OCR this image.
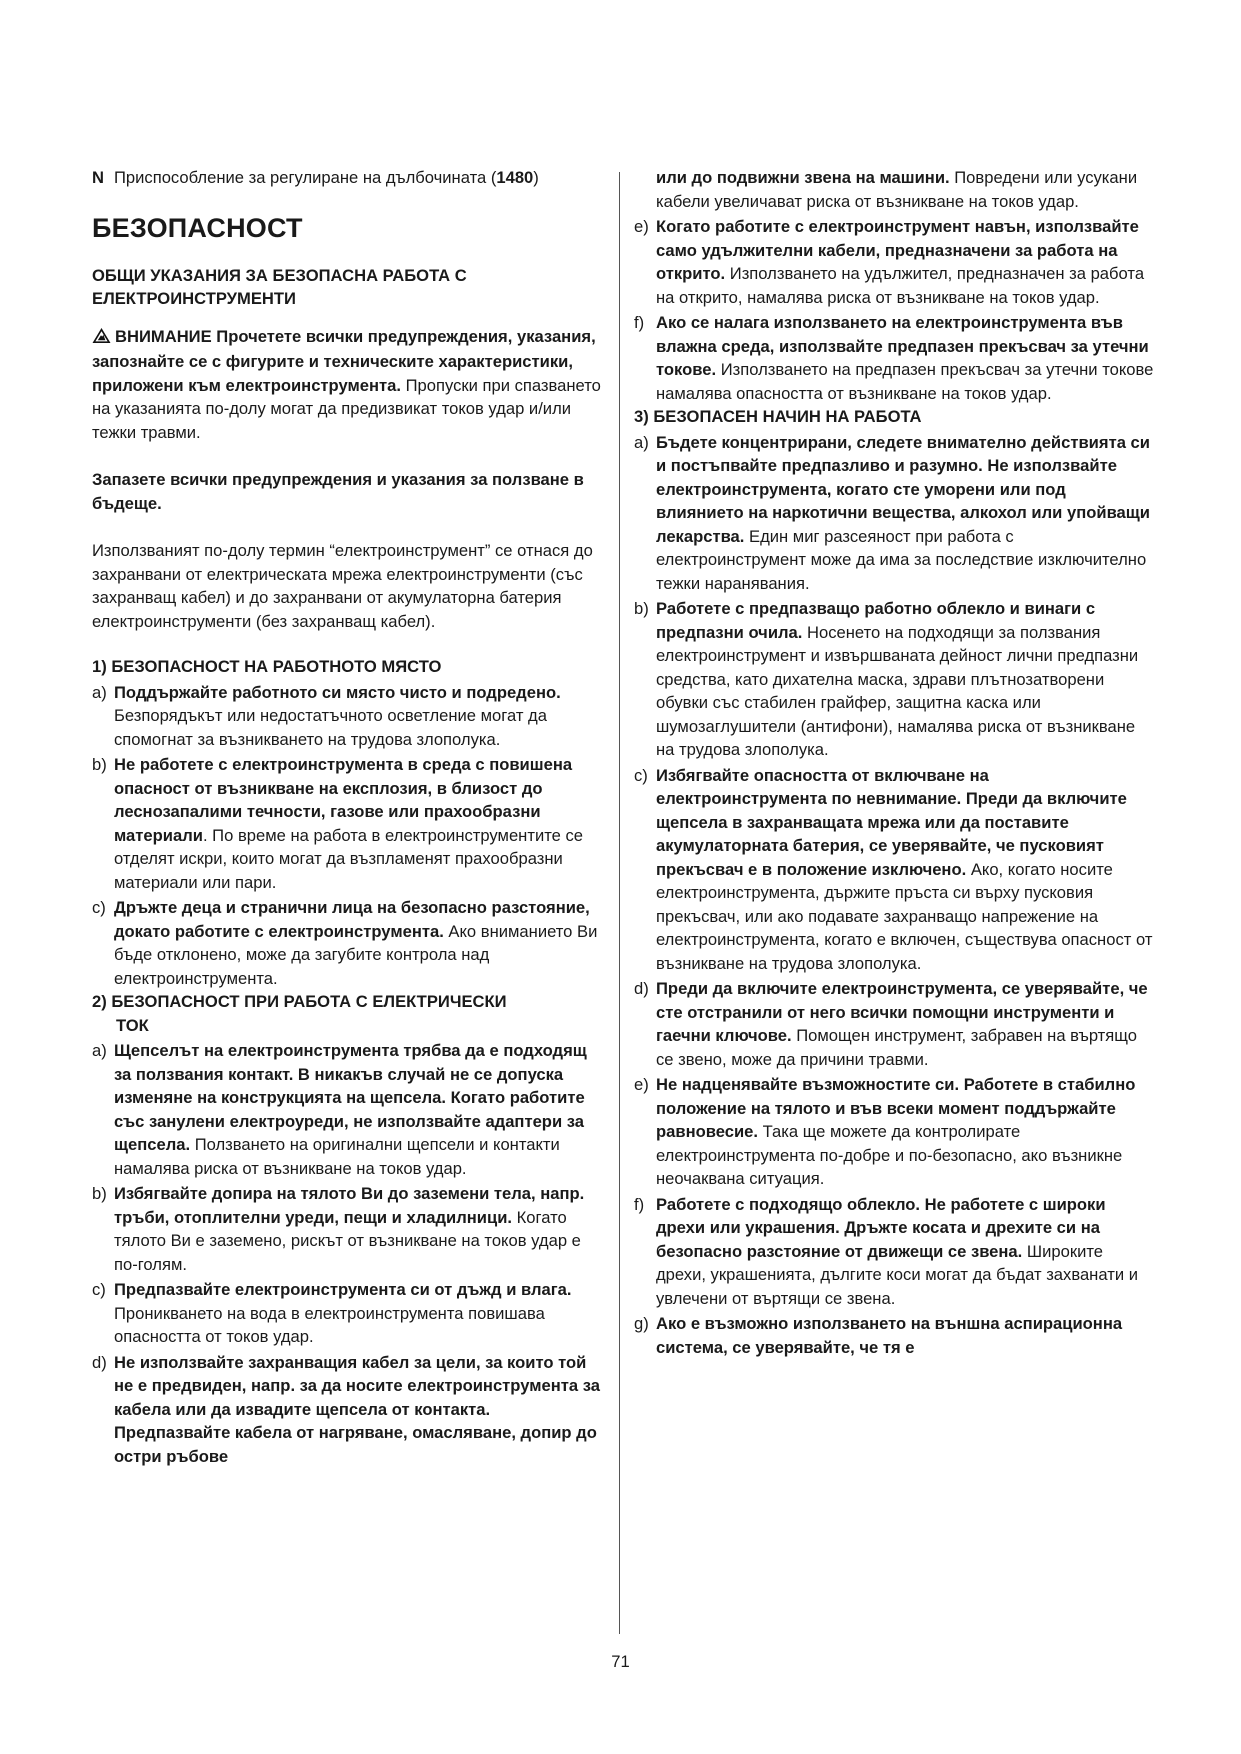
N Приспособление за регулиране на дълбочината (1480)
БЕЗОПАСНОСТ
ОБЩИ УКАЗАНИЯ ЗА БЕЗОПАСНА РАБОТА С ЕЛЕКТРОИНСТРУМЕНТИ

ВНИМАНИЕ Прочетете всички предупреждения, указания, запознайте се с фигурите и техническите характеристики, приложени към електроинструмента. Пропуски при спазването на указанията по-долу могат да предизвикат токов удар и/или тежки травми.

Запазете всички предупреждения и указания за ползване в бъдеще.

Използваният по-долу термин “електроинструмент” се отнася до захранвани от електрическата мрежа електроинструменти (със захранващ кабел) и до захранвани от акумулаторна батерия електроинструменти (без захранващ кабел).

1) БЕЗОПАСНОСТ НА РАБОТНОТО МЯСТО
a) Поддържайте работното си място чисто и подредено. Безпорядъкът или недостатъчното осветление могат да спомогнат за възникването на трудова злополука.
b) Не работете с електроинструмента в среда с повишена опасност от възникване на експлозия, в близост до леснозапалими течности, газове или прахообразни материали. По време на работа в електроинструментите се отделят искри, които могат да възпламенят прахообразни материали или пари.
c) Дръжте деца и странични лица на безопасно разстояние, докато работите с електроинструмента. Ако вниманието Ви бъде отклонено, може да загубите контрола над електроинструмента.
2) БЕЗОПАСНОСТ ПРИ РАБОТА С ЕЛЕКТРИЧЕСКИ
ТОК
a) Щепселът на електроинструмента трябва да е подходящ за ползвания контакт. В никакъв случай не се допуска изменяне на конструкцията на щепсела. Когато работите със занулени електроуреди, не използвайте адаптери за щепсела. Ползването на оригинални щепсели и контакти намалява риска от възникване на токов удар.
b) Избягвайте допира на тялото Ви до заземени тела, напр. тръби, отоплителни уреди, пещи и хладилници. Когато тялото Ви е заземено, рискът от възникване на токов удар е по-голям.
c) Предпазвайте електроинструмента си от дъжд и влага. Проникването на вода в електроинструмента повишава опасността от токов удар.
d) Не използвайте захранващия кабел за цели, за които той не е предвиден, напр. за да носите електроинструмента за кабела или да извадите щепсела от контакта. Предпазвайте кабела от нагряване, омасляване, допир до остри ръбове
или до подвижни звена на машини. Повредени или усукани кабели увеличават риска от възникване на токов удар.
e) Когато работите с електроинструмент навън, използвайте само удължителни кабели, предназначени за работа на открито. Използването на удължител, предназначен за работа на открито, намалява риска от възникване на токов удар.
f) Ако се налага използването на електроинструмента във влажна среда, използвайте предпазен прекъсвач за утечни токове. Използването на предпазен прекъсвач за утечни токове намалява опасността от възникване на токов удар.
3) БЕЗОПАСЕН НАЧИН НА РАБОТА
a) Бъдете концентрирани, следете внимателно действията си и постъпвайте предпазливо и разумно. Не използвайте електроинструмента, когато сте уморени или под влиянието на наркотични вещества, алкохол или упойващи лекарства. Един миг разсеяност при работа с електроинструмент може да има за последствие изключително тежки наранявания.
b) Работете с предпазващо работно облекло и винаги с предпазни очила. Носенето на подходящи за ползвания електроинструмент и извършваната дейност лични предпазни средства, като дихателна маска, здрави плътнозатворени обувки със стабилен грайфер, защитна каска или шумозаглушители (антифони), намалява риска от възникване на трудова злополука.
c) Избягвайте опасността от включване на електроинструмента по невнимание. Преди да включите щепсела в захранващата мрежа или да поставите акумулаторната батерия, се уверявайте, че пусковият прекъсвач е в положение изключено. Ако, когато носите електроинструмента, държите пръста си върху пусковия прекъсвач, или ако подавате захранващо напрежение на електроинструмента, когато е включен, съществува опасност от възникване на трудова злополука.
d) Преди да включите електроинструмента, се уверявайте, че сте отстранили от него всички помощни инструменти и гаечни ключове. Помощен инструмент, забравен на въртящо се звено, може да причини травми.
e) Не надценявайте възможностите си. Работете в стабилно положение на тялото и във всеки момент поддържайте равновесие. Така ще можете да контролирате електроинструмента по-добре и по-безопасно, ако възникне неочаквана ситуация.
f) Работете с подходящо облекло. Не работете с широки дрехи или украшения. Дръжте косата и дрехите си на безопасно разстояние от движещи се звена. Широките дрехи, украшенията, дългите коси могат да бъдат захванати и увлечени от въртящи се звена.
g) Ако е възможно използването на външна аспирационна система, се уверявайте, че тя е
71
